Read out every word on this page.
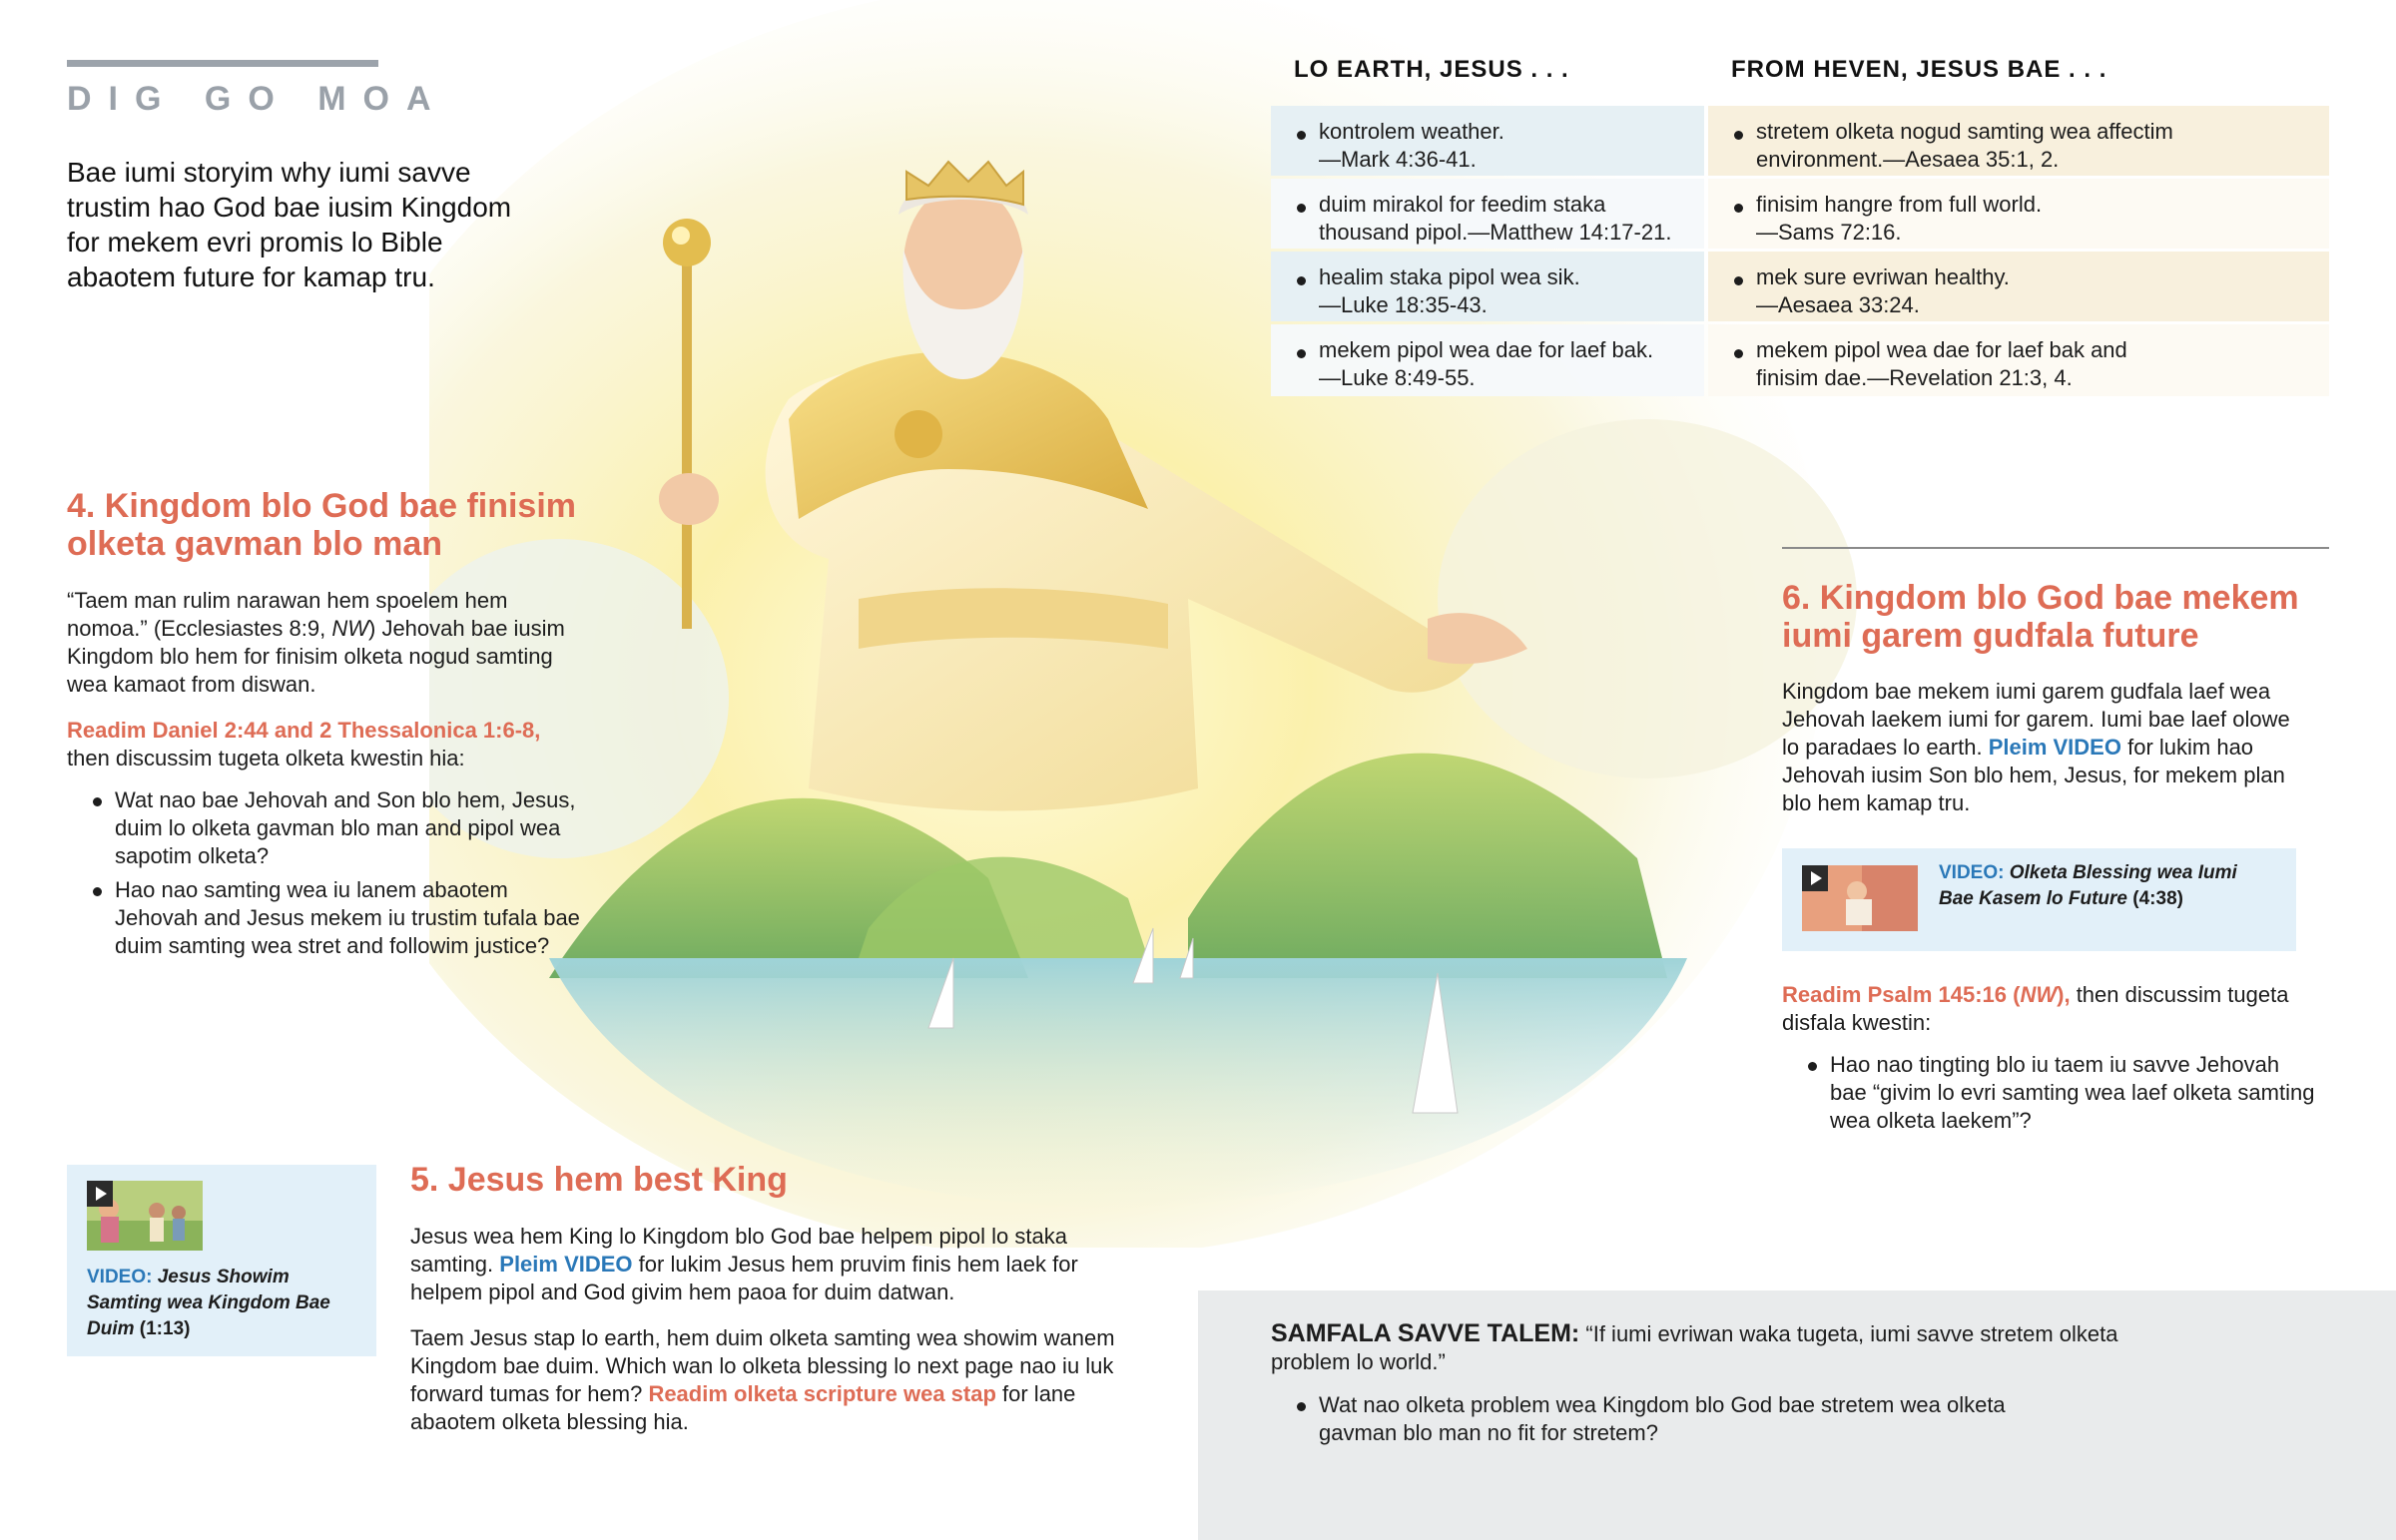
DIG GO MOA
Bae iumi storyim why iumi savve trustim hao God bae iusim Kingdom for mekem evri promis lo Bible abaotem future for kamap tru.
LO EARTH, JESUS . . .	FROM HEVEN, JESUS BAE . . .
kontrolem weather.
—Mark 4:36-41.
duim mirakol for feedim staka
thousand pipol.—Matthew 14:17-21.
healim staka pipol wea sik.
—Luke 18:35-43.
mekem pipol wea dae for laef bak.
—Luke 8:49-55.
stretem olketa nogud samting wea affectim
environment.—Aesaea 35:1, 2.
finisim hangre from full world.
—Sams 72:16.
mek sure evriwan healthy.
—Aesaea 33:24.
mekem pipol wea dae for laef bak and
finisim dae.—Revelation 21:3, 4.
4. Kingdom blo God bae finisim
olketa gavman blo man
“Taem man rulim narawan hem spoelem hem nomoa.” (Ecclesiastes 8:9, NW) Jehovah bae iusim Kingdom blo hem for finisim olketa nogud samting wea kamaot from diswan.
Readim Daniel 2:44 and 2 Thessalonica 1:6-8,
then discussim tugeta olketa kwestin hia:
Wat nao bae Jehovah and Son blo hem, Jesus, duim lo olketa gavman blo man and pipol wea sapotim olketa?
Hao nao samting wea iu lanem abaotem Jehovah and Jesus mekem iu trustim tufala bae duim samting wea stret and followim justice?
VIDEO: Jesus Showim
Samting wea Kingdom Bae
Duim (1:13)
5. Jesus hem best King
Jesus wea hem King lo Kingdom blo God bae helpem pipol lo staka samting. Pleim VIDEO for lukim Jesus hem pruvim finis hem laek for helpem pipol and God givim hem paoa for duim datwan.
Taem Jesus stap lo earth, hem duim olketa samting wea showim wanem Kingdom bae duim. Which wan lo olketa blessing lo next page nao iu luk forward tumas for hem? Readim olketa scripture wea stap for lane abaotem olketa blessing hia.
6. Kingdom blo God bae mekem
iumi garem gudfala future
Kingdom bae mekem iumi garem gudfala laef wea Jehovah laekem iumi for garem. Iumi bae laef olowe lo paradaes lo earth. Pleim VIDEO for lukim hao Jehovah iusim Son blo hem, Jesus, for mekem plan blo hem kamap tru.
VIDEO: Olketa Blessing wea Iumi
Bae Kasem lo Future (4:38)
Readim Psalm 145:16 (NW), then discussim tugeta disfala kwestin:
Hao nao tingting blo iu taem iu savve Jehovah bae “givim lo evri samting wea laef olketa samting wea olketa laekem”?
SAMFALA SAVVE TALEM: “If iumi evriwan waka tugeta, iumi savve stretem olketa problem lo world.”
Wat nao olketa problem wea Kingdom blo God bae stretem wea olketa gavman blo man no fit for stretem?
